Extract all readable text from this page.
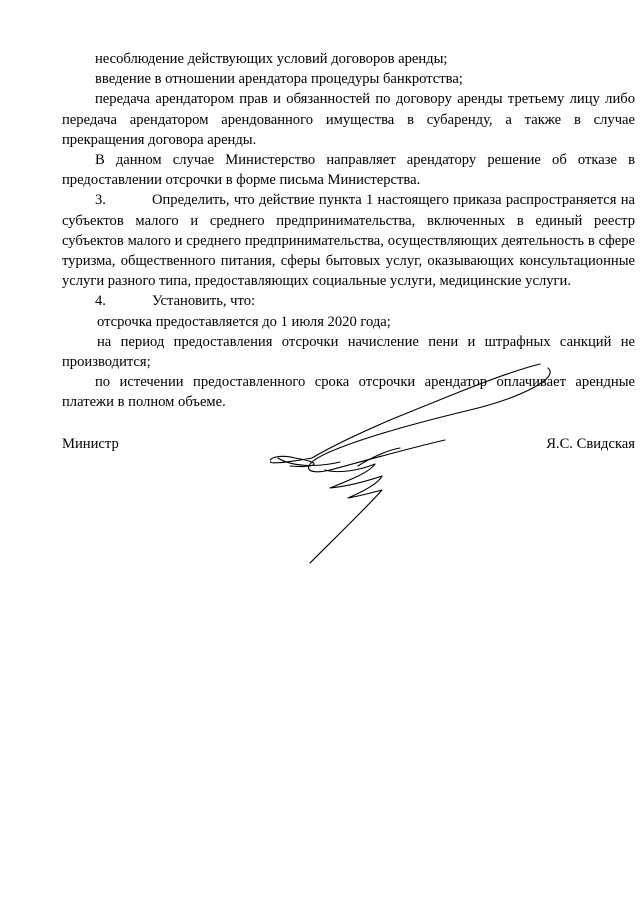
несоблюдение действующих условий договоров аренды;

введение в отношении арендатора процедуры банкротства;

передача арендатором прав и обязанностей по договору аренды третьему лицу либо передача арендатором арендованного имущества в субаренду, а также в случае прекращения договора аренды.

В данном случае Министерство направляет арендатору решение об отказе в предоставлении отсрочки в форме письма Министерства.

3.	Определить, что действие пункта 1 настоящего приказа распространяется на субъектов малого и среднего предпринимательства, включенных в единый реестр субъектов малого и среднего предпринимательства, осуществляющих деятельность в сфере туризма, общественного питания, сферы бытовых услуг, оказывающих консультационные услуги разного типа, предоставляющих социальные услуги, медицинские услуги.

4.	Установить, что:

отсрочка предоставляется до 1 июля 2020 года;

на период предоставления отсрочки начисление пени и штрафных санкций не производится;

по истечении предоставленного срока отсрочки арендатор оплачивает арендные платежи в полном объеме.

Министр	Я.С. Свидская
